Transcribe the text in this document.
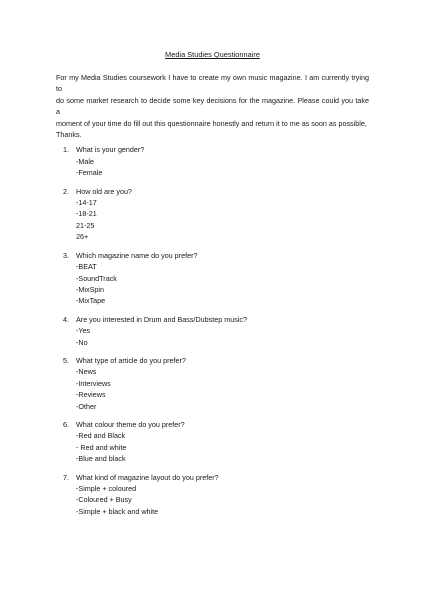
Media Studies Questionnaire
For my Media Studies coursework I have to create my own music magazine. I am currently trying to
do some market research to decide some key decisions for the magazine. Please could you take a
moment of your time do fill out this questionnaire honestly and return it to me as soon as possible,
Thanks.
1. What is your gender?
-Male
-Female
2. How old are you?
-14-17
-18-21
21-25
26+
3. Which magazine name do you prefer?
-BEAT
-SoundTrack
-MixSpin
-MixTape
4. Are you interested in Drum and Bass/Dubstep music?
-Yes
-No
5. What type of article do you prefer?
-News
-Interviews
-Reviews
-Other
6. What colour theme do you prefer?
-Red and Black
- Red and white
-Blue and black
7. What kind of magazine layout do you prefer?
-Simple + coloured
-Coloured + Busy
-Simple + black and white
